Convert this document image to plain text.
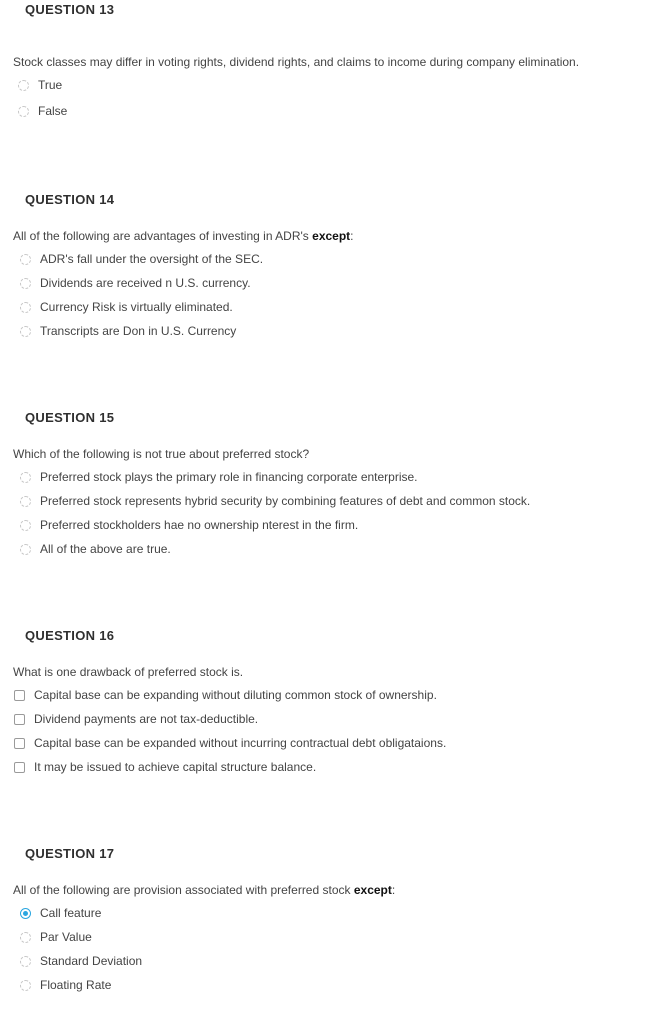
QUESTION 13
Stock classes may differ in voting rights, dividend rights, and claims to income during company elimination.
True
False
QUESTION 14
All of the following are advantages of investing in ADR's except:
ADR's fall under the oversight of the SEC.
Dividends are received n U.S. currency.
Currency Risk is virtually eliminated.
Transcripts are Don in U.S. Currency
QUESTION 15
Which of the following is not true about preferred stock?
Preferred stock plays the primary role in financing corporate enterprise.
Preferred stock represents hybrid security by combining features of debt and common stock.
Preferred stockholders hae no ownership nterest in the firm.
All of the above are true.
QUESTION 16
What is one drawback of preferred stock is.
Capital base can be expanding without diluting common stock of ownership.
Dividend payments are not tax-deductible.
Capital base can be expanded without incurring contractual debt obligataions.
It may be issued to achieve capital structure balance.
QUESTION 17
All of the following are provision associated with preferred stock except:
Call feature
Par Value
Standard Deviation
Floating Rate
